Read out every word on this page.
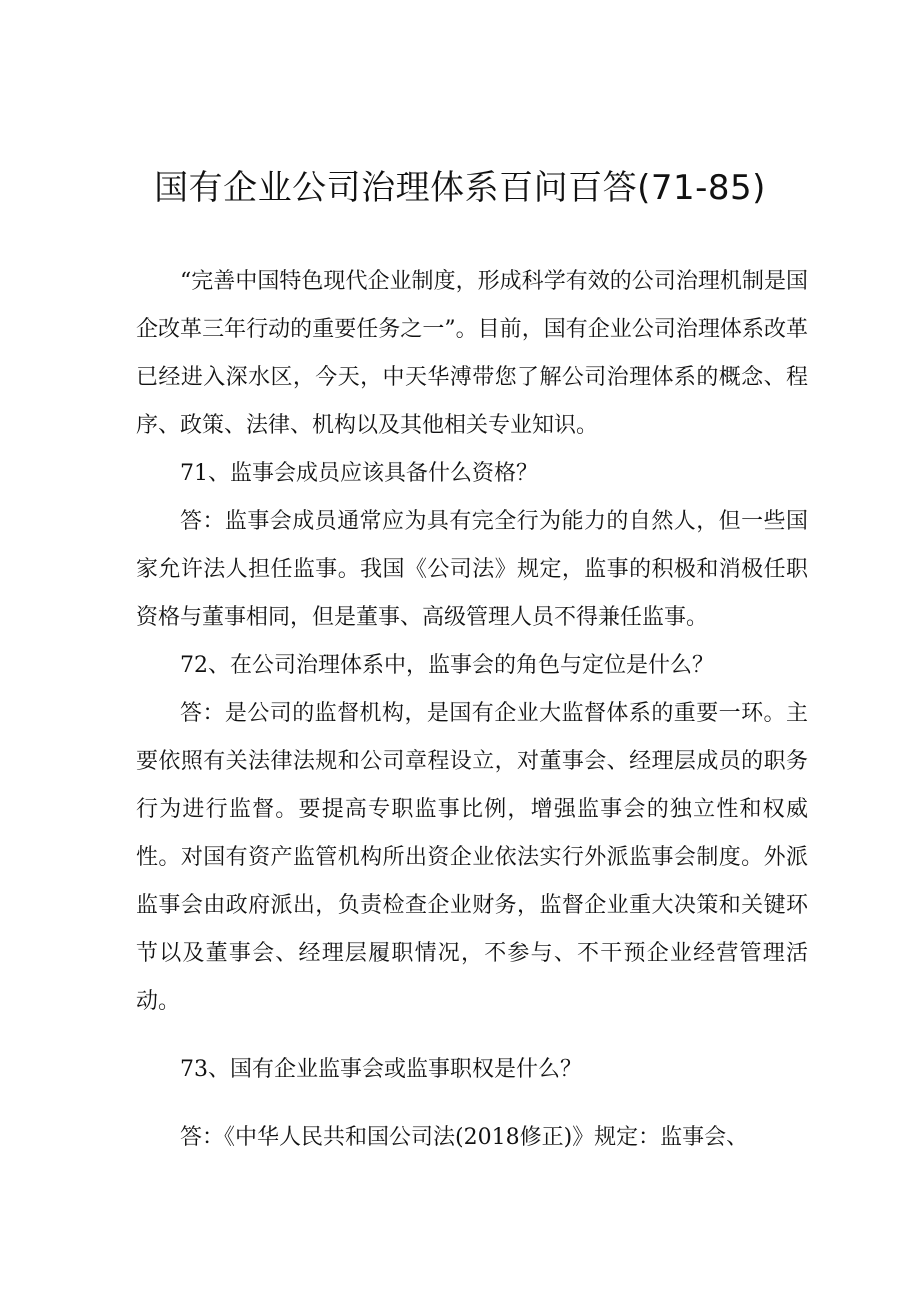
国有企业公司治理体系百问百答(71-85)

“完善中国特色现代企业制度，形成科学有效的公司治理机制是国企改革三年行动的重要任务之一”。目前，国有企业公司治理体系改革已经进入深水区，今天，中天华溥带您了解公司治理体系的概念、程序、政策、法律、机构以及其他相关专业知识。

71、监事会成员应该具备什么资格？

答：监事会成员通常应为具有完全行为能力的自然人，但一些国家允许法人担任监事。我国《公司法》规定，监事的积极和消极任职资格与董事相同，但是董事、高级管理人员不得兼任监事。

72、在公司治理体系中，监事会的角色与定位是什么？

答：是公司的监督机构，是国有企业大监督体系的重要一环。主要依照有关法律法规和公司章程设立，对董事会、经理层成员的职务行为进行监督。要提高专职监事比例，增强监事会的独立性和权威性。对国有资产监管机构所出资企业依法实行外派监事会制度。外派监事会由政府派出，负责检查企业财务，监督企业重大决策和关键环节以及董事会、经理层履职情况，不参与、不干预企业经营管理活动。

73、国有企业监事会或监事职权是什么？

答：《中华人民共和国公司法(2018修正)》规定：监事会、
